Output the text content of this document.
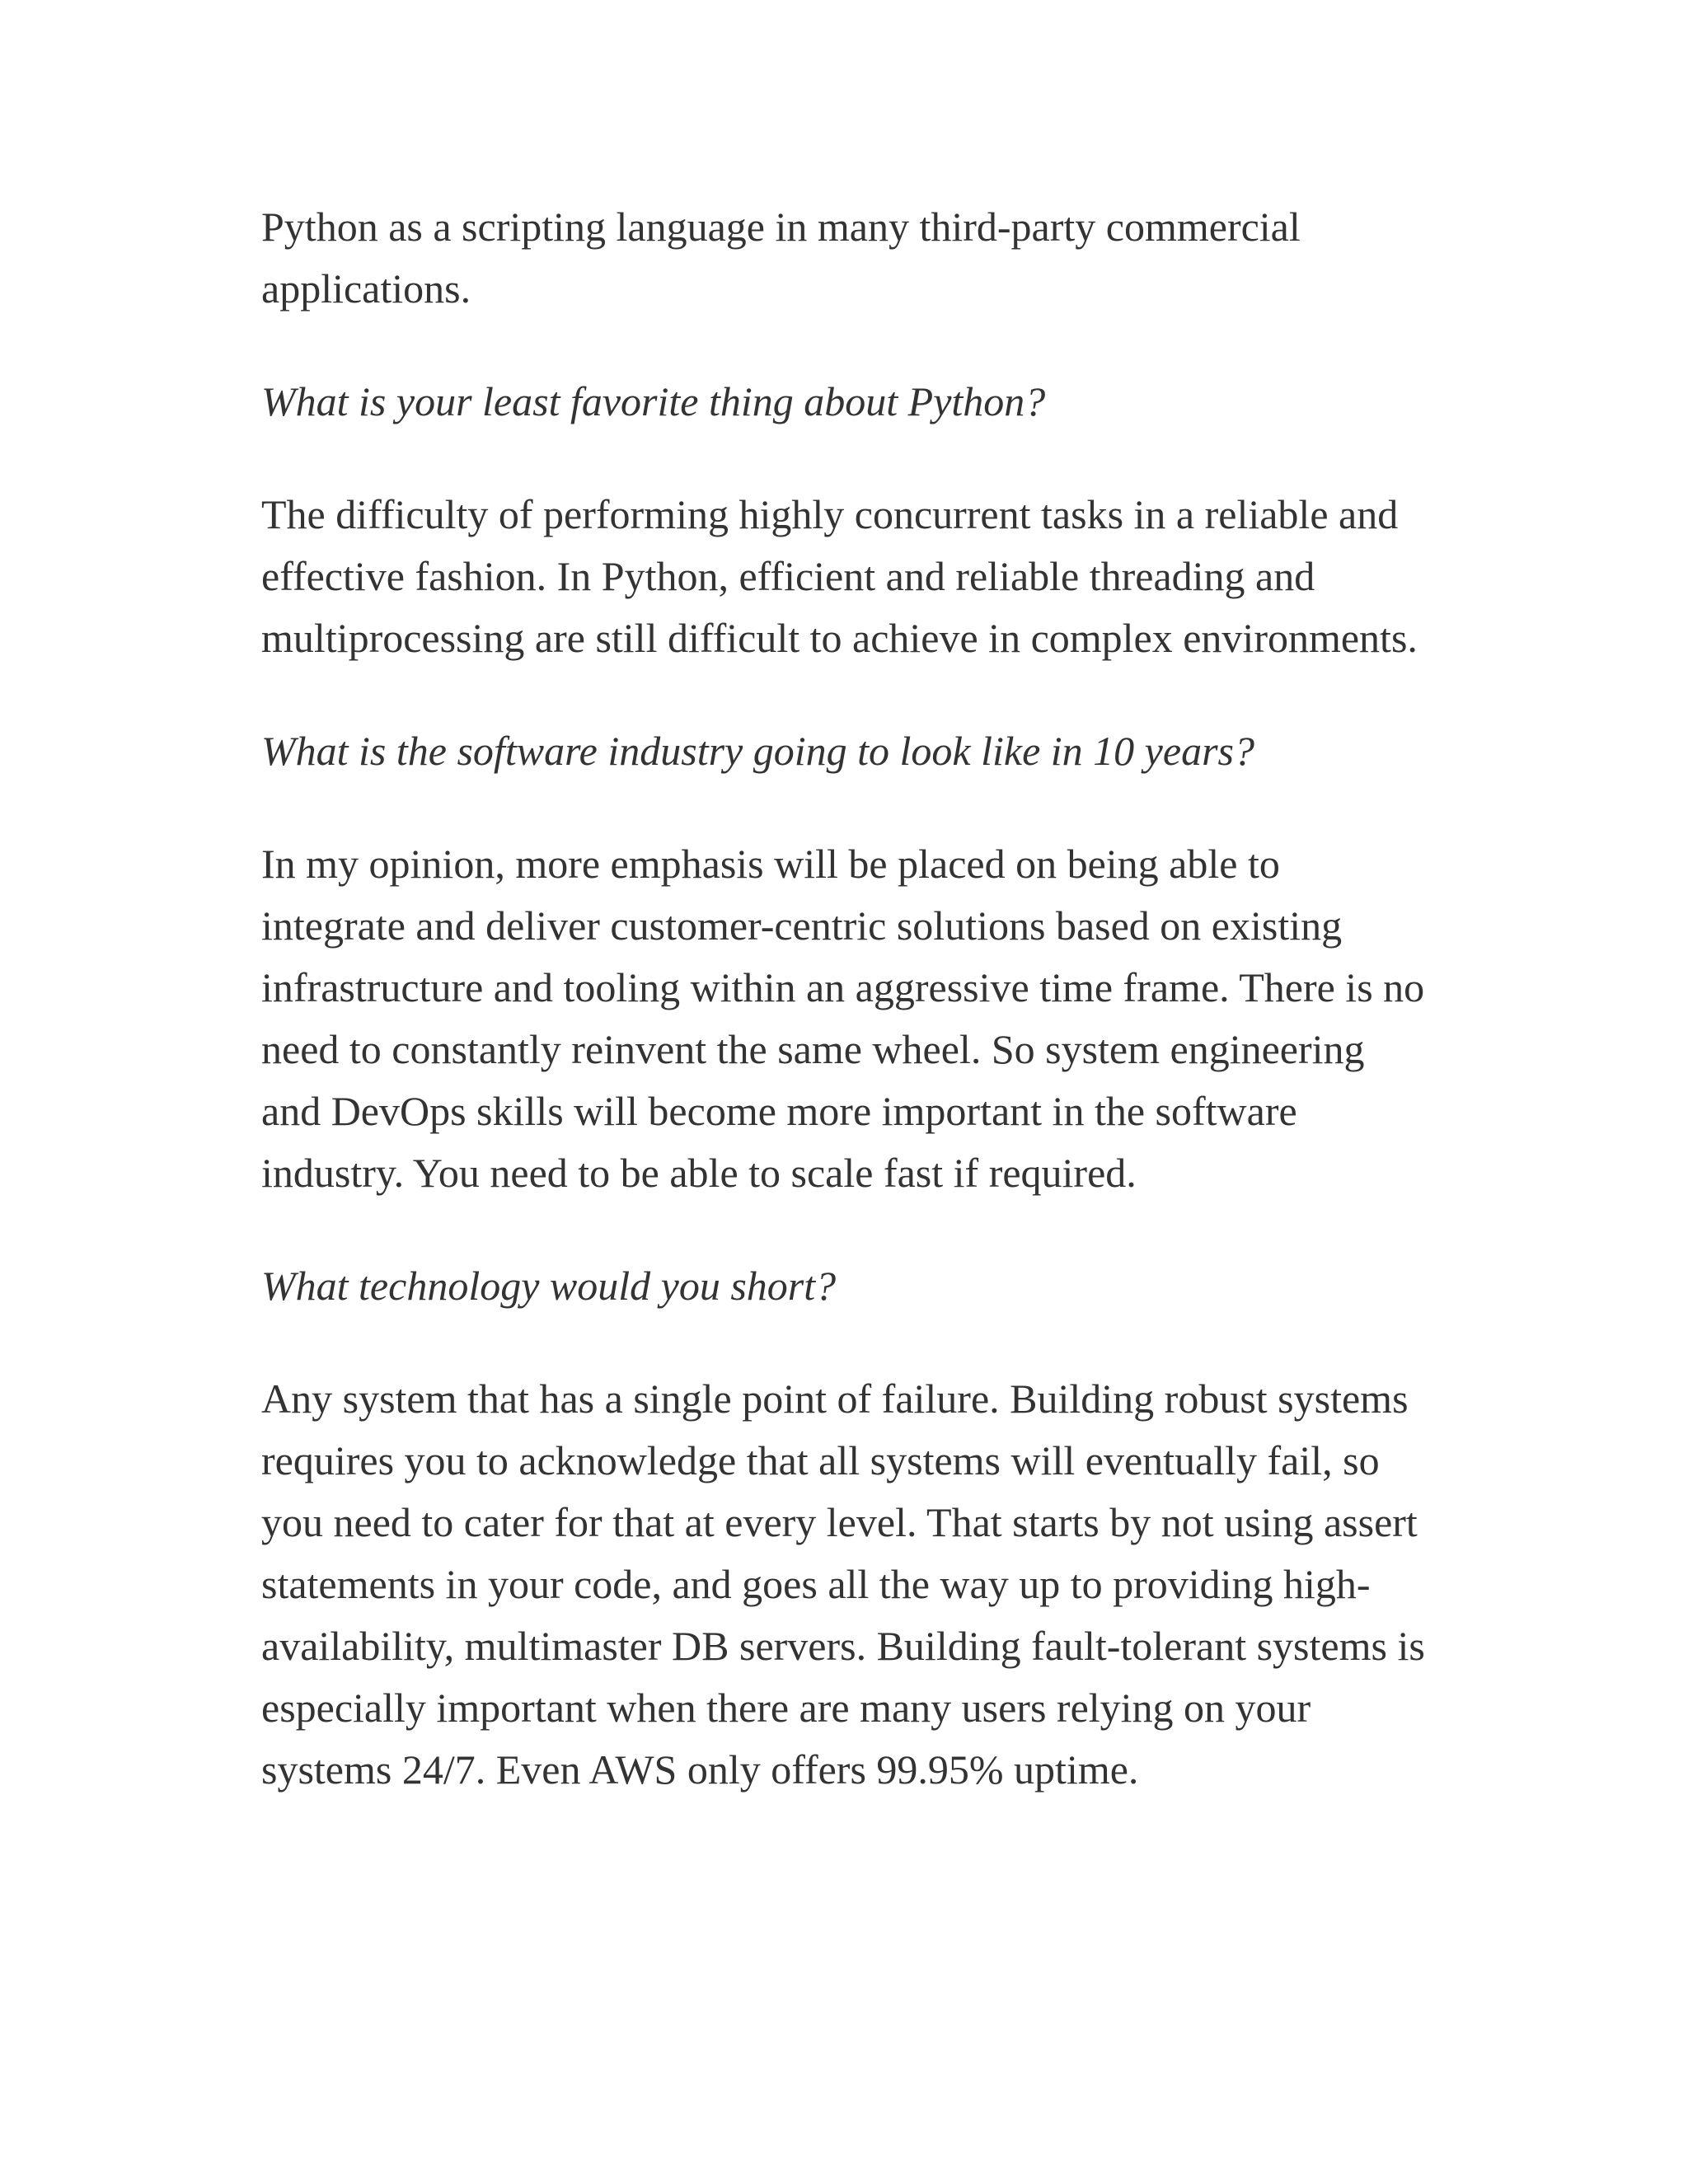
Python as a scripting language in many third-party commercial applications.

What is your least favorite thing about Python?

The difficulty of performing highly concurrent tasks in a reliable and effective fashion. In Python, efficient and reliable threading and multiprocessing are still difficult to achieve in complex environments.

What is the software industry going to look like in 10 years?

In my opinion, more emphasis will be placed on being able to integrate and deliver customer-centric solutions based on existing infrastructure and tooling within an aggressive time frame. There is no need to constantly reinvent the same wheel. So system engineering and DevOps skills will become more important in the software industry. You need to be able to scale fast if required.

What technology would you short?

Any system that has a single point of failure. Building robust systems requires you to acknowledge that all systems will eventually fail, so you need to cater for that at every level. That starts by not using assert statements in your code, and goes all the way up to providing high-availability, multimaster DB servers. Building fault-tolerant systems is especially important when there are many users relying on your systems 24/7. Even AWS only offers 99.95% uptime.
